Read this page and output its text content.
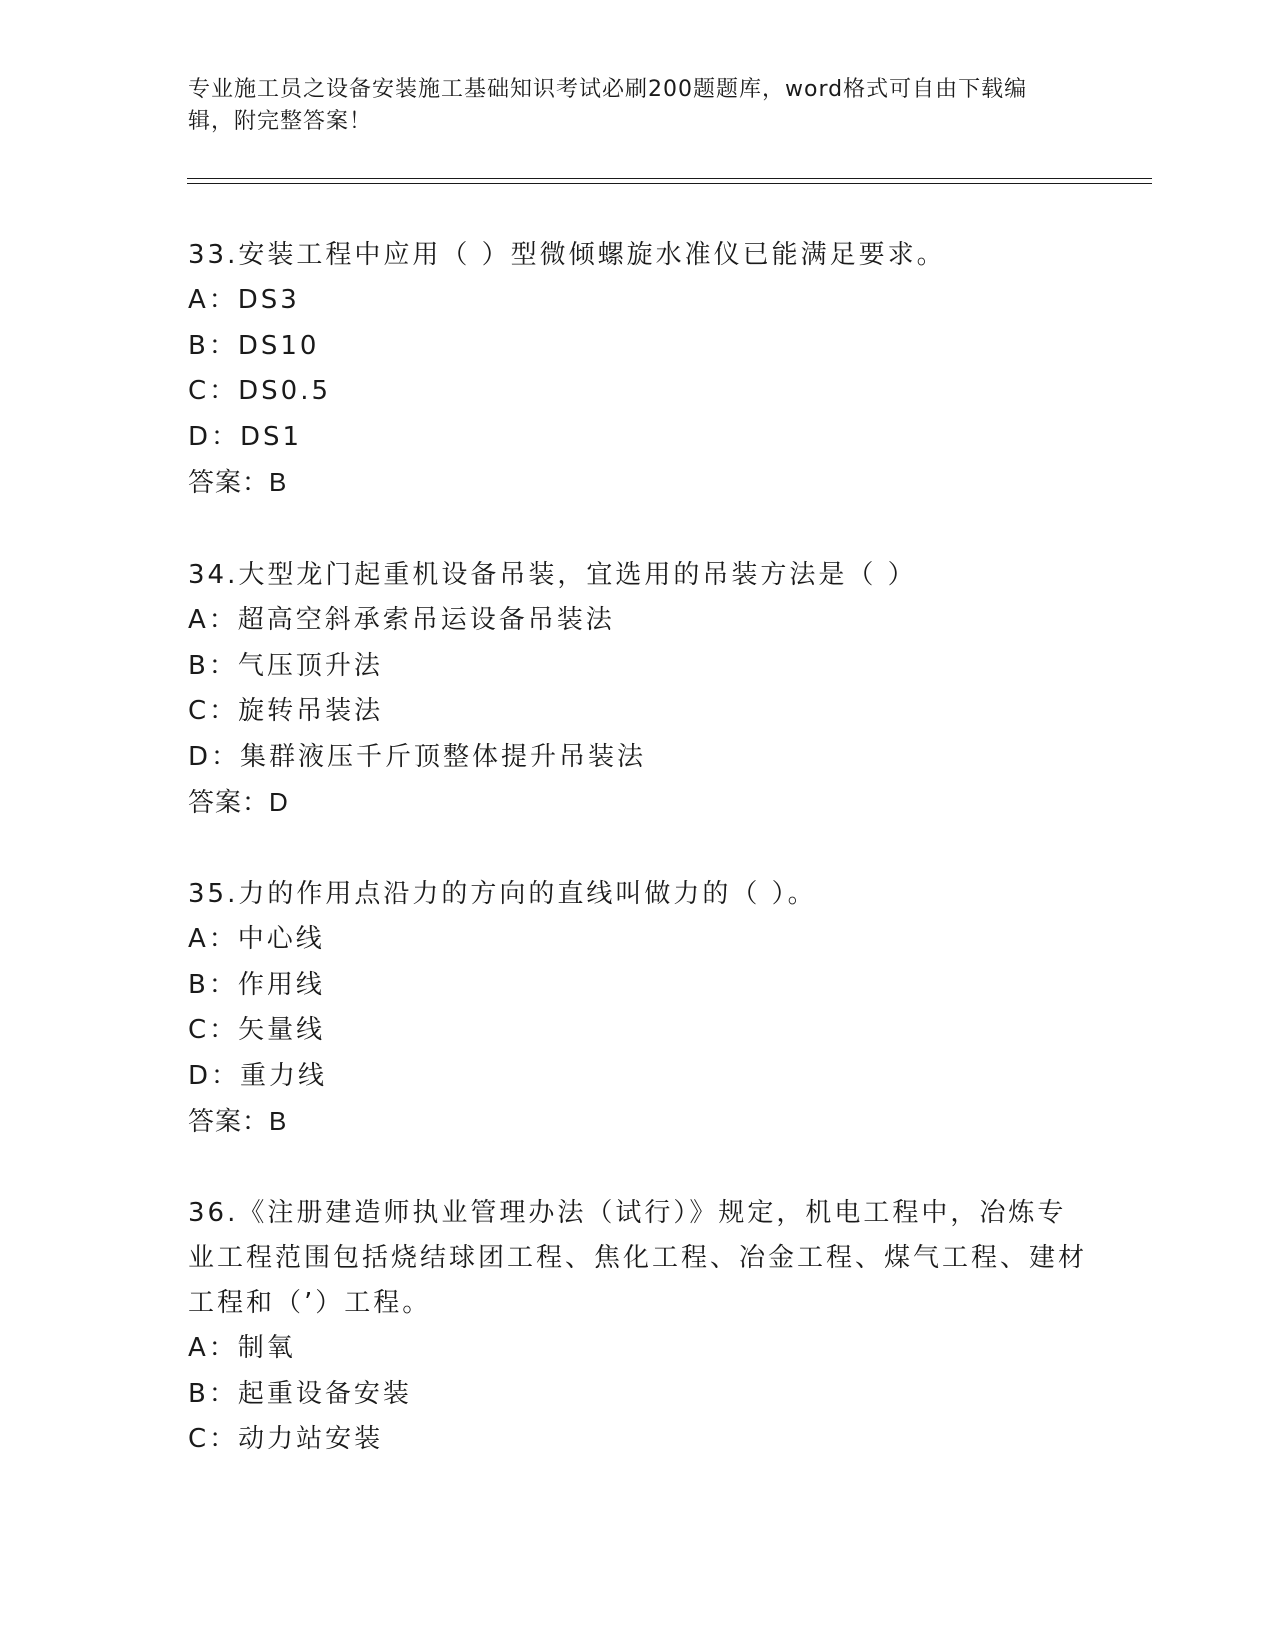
专业施工员之设备安装施工基础知识考试必刷200题题库，word格式可自由下载编辑，附完整答案！

33.安装工程中应用（ ）型微倾螺旋水准仪已能满足要求。

A：DS3

B：DS10

C：DS0.5

D：DS1

答案：B

34.大型龙门起重机设备吊装，宜选用的吊装方法是（ ）

A：超高空斜承索吊运设备吊装法

B：气压顶升法

C：旋转吊装法

D：集群液压千斤顶整体提升吊装法

答案：D

35.力的作用点沿力的方向的直线叫做力的（ ）。

A：中心线

B：作用线

C：矢量线

D：重力线

答案：B

36.《注册建造师执业管理办法（试行）》规定，机电工程中，冶炼专业工程范围包括烧结球团工程、焦化工程、冶金工程、煤气工程、建材工程和（’）工程。

A：制氧

B：起重设备安装

C：动力站安装
